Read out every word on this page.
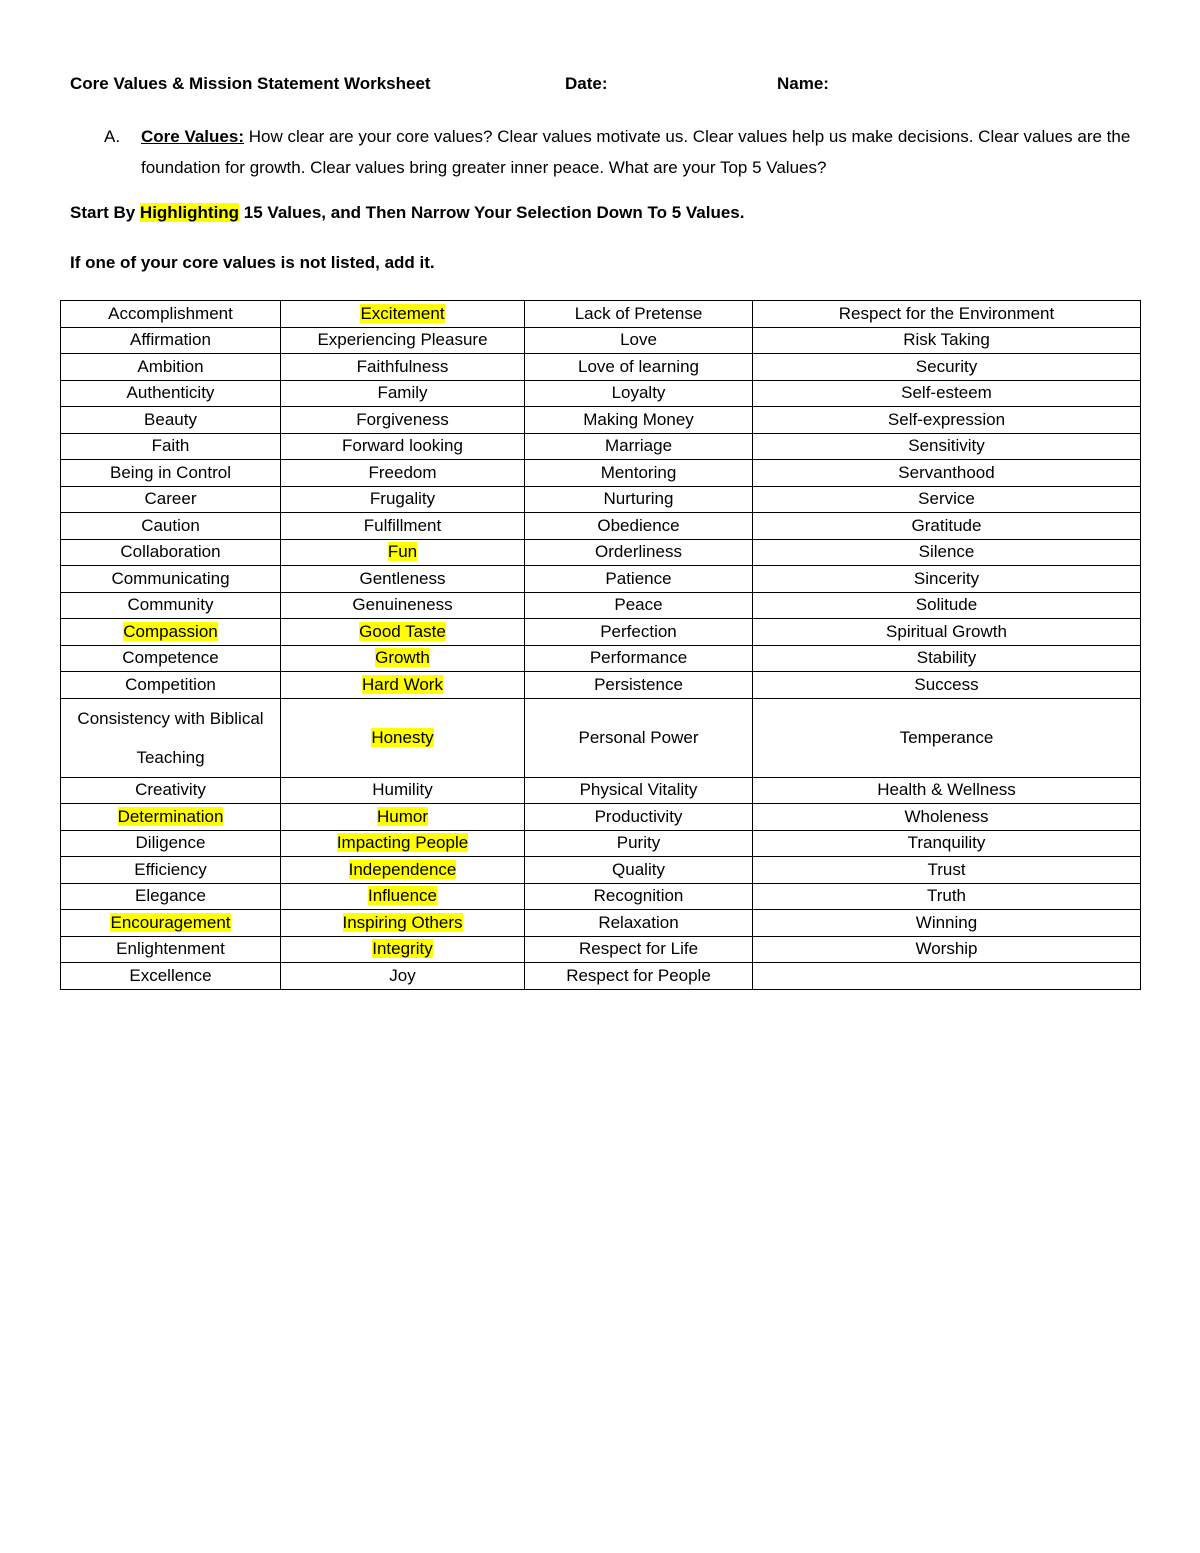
Core Values & Mission Statement Worksheet	Date:	Name:
A. Core Values: How clear are your core values? Clear values motivate us. Clear values help us make decisions. Clear values are the foundation for growth. Clear values bring greater inner peace. What are your Top 5 Values?
Start By Highlighting 15 Values, and Then Narrow Your Selection Down To 5 Values.
If one of your core values is not listed, add it.
Accomplishment	Excitement	Lack of Pretense	Respect for the Environment
Affirmation	Experiencing Pleasure	Love	Risk Taking
Ambition	Faithfulness	Love of learning	Security
Authenticity	Family	Loyalty	Self-esteem
Beauty	Forgiveness	Making Money	Self-expression
Faith	Forward looking	Marriage	Sensitivity
Being in Control	Freedom	Mentoring	Servanthood
Career	Frugality	Nurturing	Service
Caution	Fulfillment	Obedience	Gratitude
Collaboration	Fun	Orderliness	Silence
Communicating	Gentleness	Patience	Sincerity
Community	Genuineness	Peace	Solitude
Compassion	Good Taste	Perfection	Spiritual Growth
Competence	Growth	Performance	Stability
Competition	Hard Work	Persistence	Success
Consistency with Biblical Teaching	Honesty	Personal Power	Temperance
Creativity	Humility	Physical Vitality	Health & Wellness
Determination	Humor	Productivity	Wholeness
Diligence	Impacting People	Purity	Tranquility
Efficiency	Independence	Quality	Trust
Elegance	Influence	Recognition	Truth
Encouragement	Inspiring Others	Relaxation	Winning
Enlightenment	Integrity	Respect for Life	Worship
Excellence	Joy	Respect for People	
